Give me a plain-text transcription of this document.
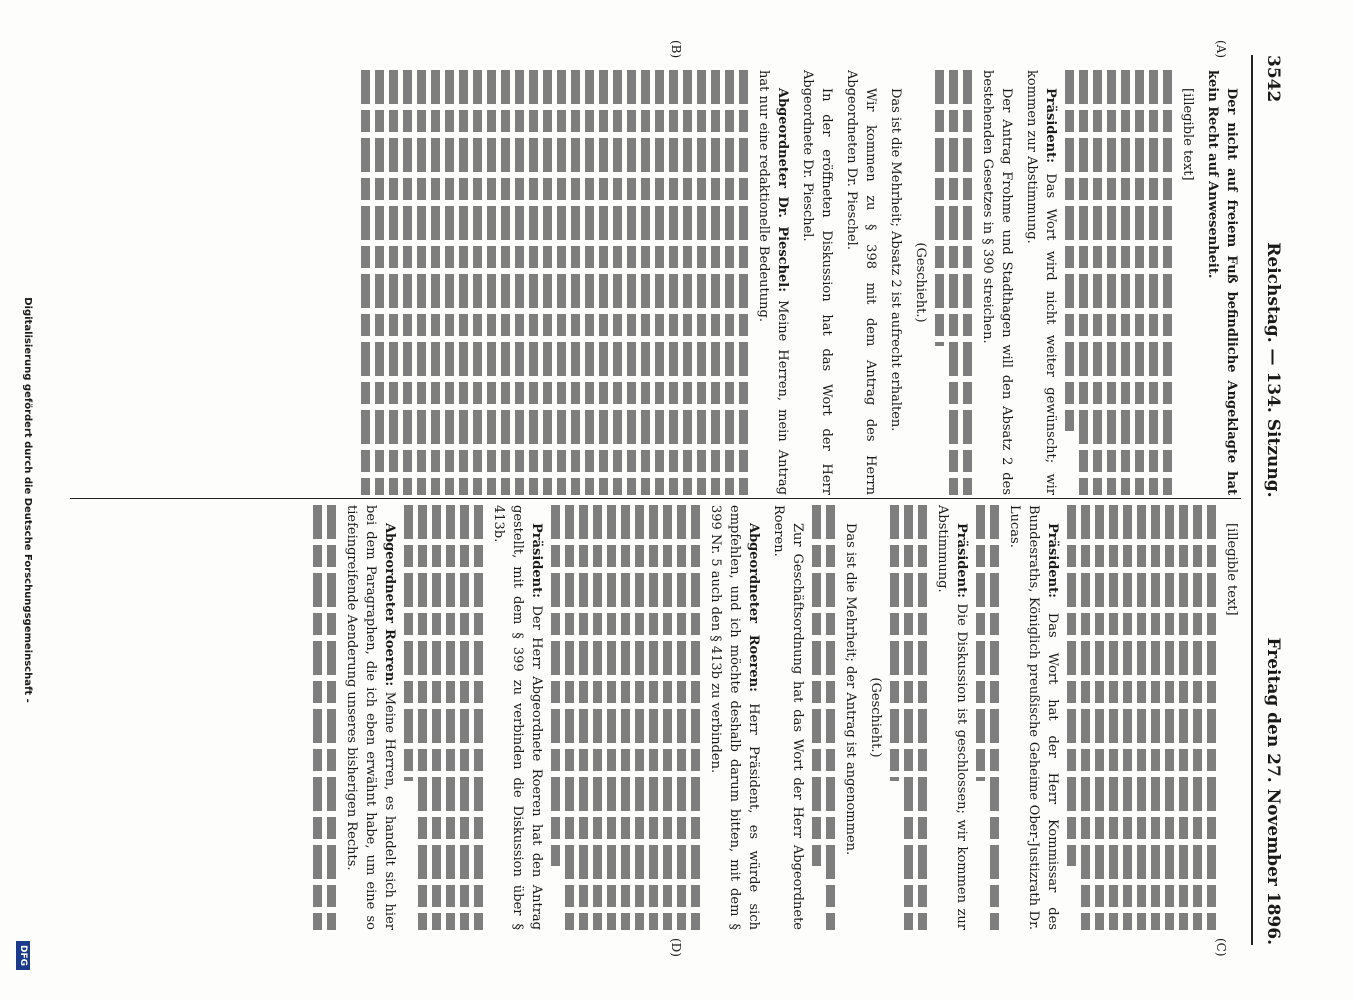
3542
Reichstag. — 134. Sitzung.
Freitag den 27. November 1896.
(A)
(B)
(C)
(D)

Der nicht auf freiem Fuß befindliche Angeklagte hat kein Recht auf Anwesenheit.

[illegible text]

Präsident: Das Wort wird nicht weiter gewünscht; wir kommen zur Abstimmung.

Der Antrag Frohme und Stadthagen will den Absatz 2 des bestehenden Gesetzes in § 390 streichen.

(Geschieht.)

Das ist die Mehrheit; Absatz 2 ist aufrecht erhalten.

Wir kommen zu § 398 mit dem Antrag des Herrn Abgeordneten Dr. Pieschel.

In der eröffneten Diskussion hat das Wort der Herr Abgeordnete Dr. Pieschel.

Abgeordneter Dr. Pieschel: Meine Herren, mein Antrag hat nur eine redaktionelle Bedeutung.

[illegible text]

Präsident: Das Wort hat der Herr Kommissar des Bundesraths, Königlich preußische Geheime Ober-Justizrath Dr. Lucas.

Präsident: Die Diskussion ist geschlossen; wir kommen zur Abstimmung.

(Geschieht.)

Das ist die Mehrheit; der Antrag ist angenommen.

Zur Geschäftsordnung hat das Wort der Herr Abgeordnete Roeren.

Abgeordneter Roeren: Herr Präsident, es würde sich empfehlen, und ich möchte deshalb darum bitten, mit dem § 399 Nr. 5 auch den § 413b zu verbinden.

Präsident: Der Herr Abgeordnete Roeren hat den Antrag gestellt, mit dem § 399 zu verbinden die Diskussion über § 413b.

Abgeordneter Roeren: Meine Herren, es handelt sich hier bei dem Paragraphen, die ich eben erwähnt habe, um eine so tiefeingreifende Aenderung unseres bisherigen Rechts.

Digitalisierung gefördert durch die Deutsche Forschungsgemeinschaft -
DFG
